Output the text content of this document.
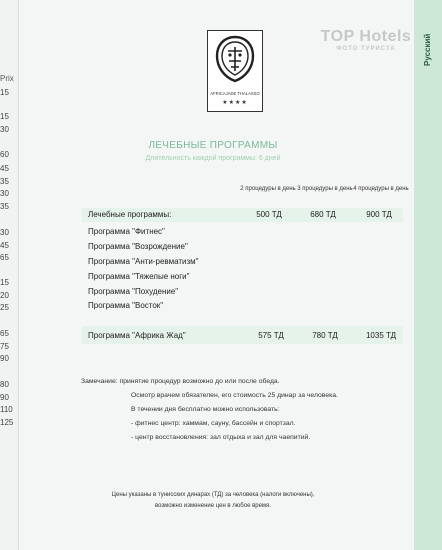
Prix
15
15
30
60
45
35
30
35
30
45
65
15
20
25
65
75
90
80
90
110
125
Русский
TOP Hotels
ФОТО ТУРИСТА
AFRICAJADE THALASSO
★★★★
ЛЕЧЕБНЫЕ ПРОГРАММЫ
Длительность каждой программы: 6 дней
2 процедуры в день 3 процедуры в день 4 процедуры в день
Лечебные программы:	500 ТД	680 ТД	900 ТД
Программа "Фитнес"
Программа "Возрождение"
Программа "Анти-ревматизм"
Программа "Тяжелые ноги"
Программа "Похудение"
Программа "Восток"
Программа "Африка Жад"	575 ТД	780 ТД	1035 ТД
Замечание: принятие процедур возможно до или после обеда.
Осмотр врачем обязателен, его стоимость 25 динар за человека.
В течении дня бесплатно можно использовать:
- фитнес центр: хаммам, сауну, бассейн и спортзал.
- центр восстановления: зал отдыха и зал для чаепитий.
Цены указаны в тунисских динарах (ТД) за человека (налоги включены),
возможно изменение цен в любое время.
